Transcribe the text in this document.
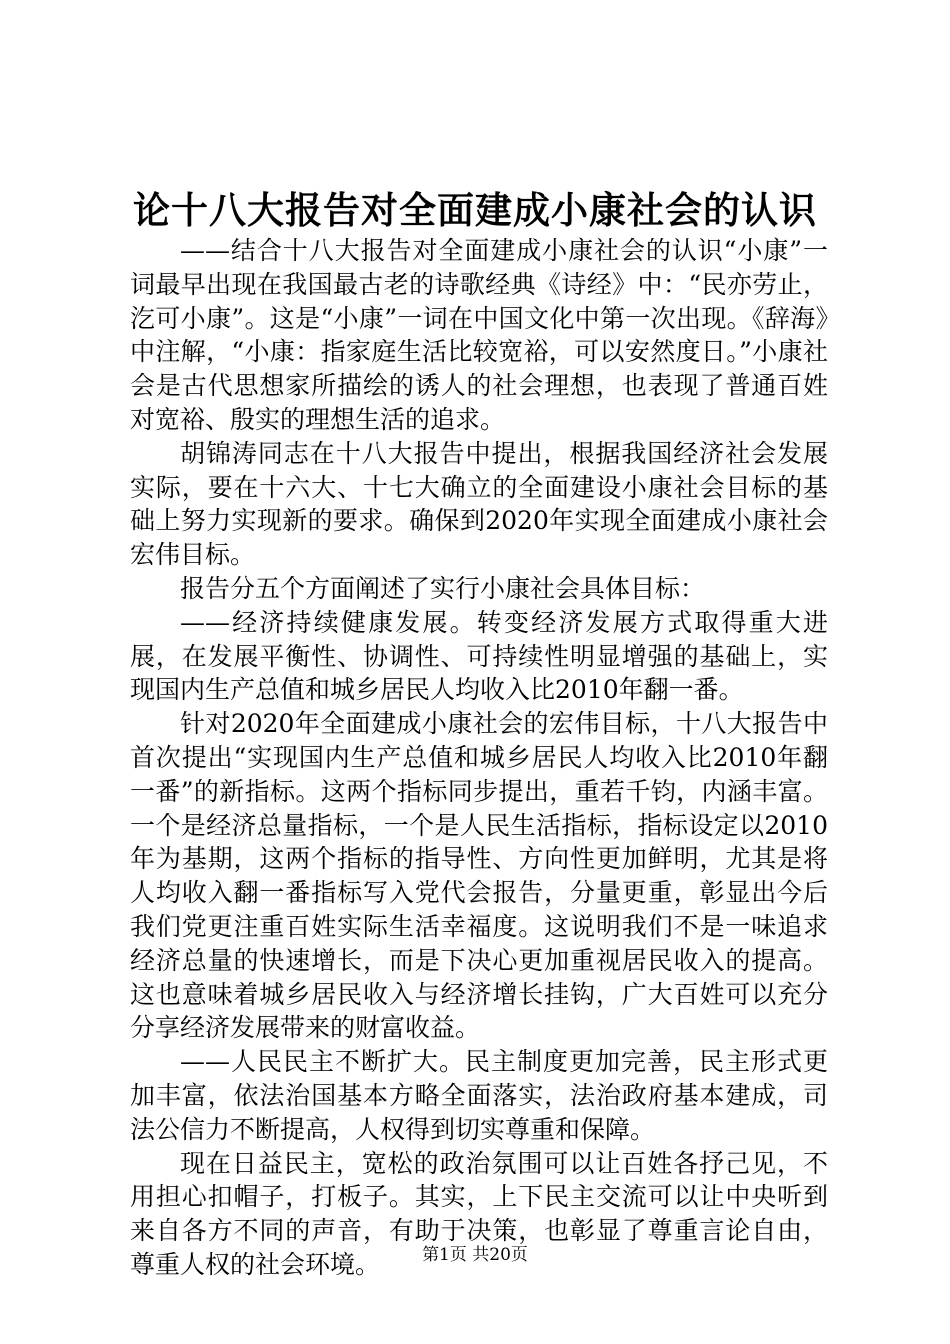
论十八大报告对全面建成小康社会的认识

——结合十八大报告对全面建成小康社会的认识“小康”一词最早出现在我国最古老的诗歌经典《诗经》中：“民亦劳止，汔可小康”。这是“小康”一词在中国文化中第一次出现。《辞海》中注解，“小康：指家庭生活比较宽裕，可以安然度日。”小康社会是古代思想家所描绘的诱人的社会理想，也表现了普通百姓对宽裕、殷实的理想生活的追求。

胡锦涛同志在十八大报告中提出，根据我国经济社会发展实际，要在十六大、十七大确立的全面建设小康社会目标的基础上努力实现新的要求。确保到2020年实现全面建成小康社会宏伟目标。

报告分五个方面阐述了实行小康社会具体目标：

——经济持续健康发展。转变经济发展方式取得重大进展，在发展平衡性、协调性、可持续性明显增强的基础上，实现国内生产总值和城乡居民人均收入比2010年翻一番。

针对2020年全面建成小康社会的宏伟目标，十八大报告中首次提出“实现国内生产总值和城乡居民人均收入比2010年翻一番”的新指标。这两个指标同步提出，重若千钧，内涵丰富。一个是经济总量指标，一个是人民生活指标，指标设定以2010年为基期，这两个指标的指导性、方向性更加鲜明，尤其是将人均收入翻一番指标写入党代会报告，分量更重，彰显出今后我们党更注重百姓实际生活幸福度。这说明我们不是一味追求经济总量的快速增长，而是下决心更加重视居民收入的提高。这也意味着城乡居民收入与经济增长挂钩，广大百姓可以充分分享经济发展带来的财富收益。

——人民民主不断扩大。民主制度更加完善，民主形式更加丰富，依法治国基本方略全面落实，法治政府基本建成，司法公信力不断提高，人权得到切实尊重和保障。

现在日益民主，宽松的政治氛围可以让百姓各抒己见，不用担心扣帽子，打板子。其实，上下民主交流可以让中央听到来自各方不同的声音，有助于决策，也彰显了尊重言论自由，尊重人权的社会环境。	第1页 共20页
